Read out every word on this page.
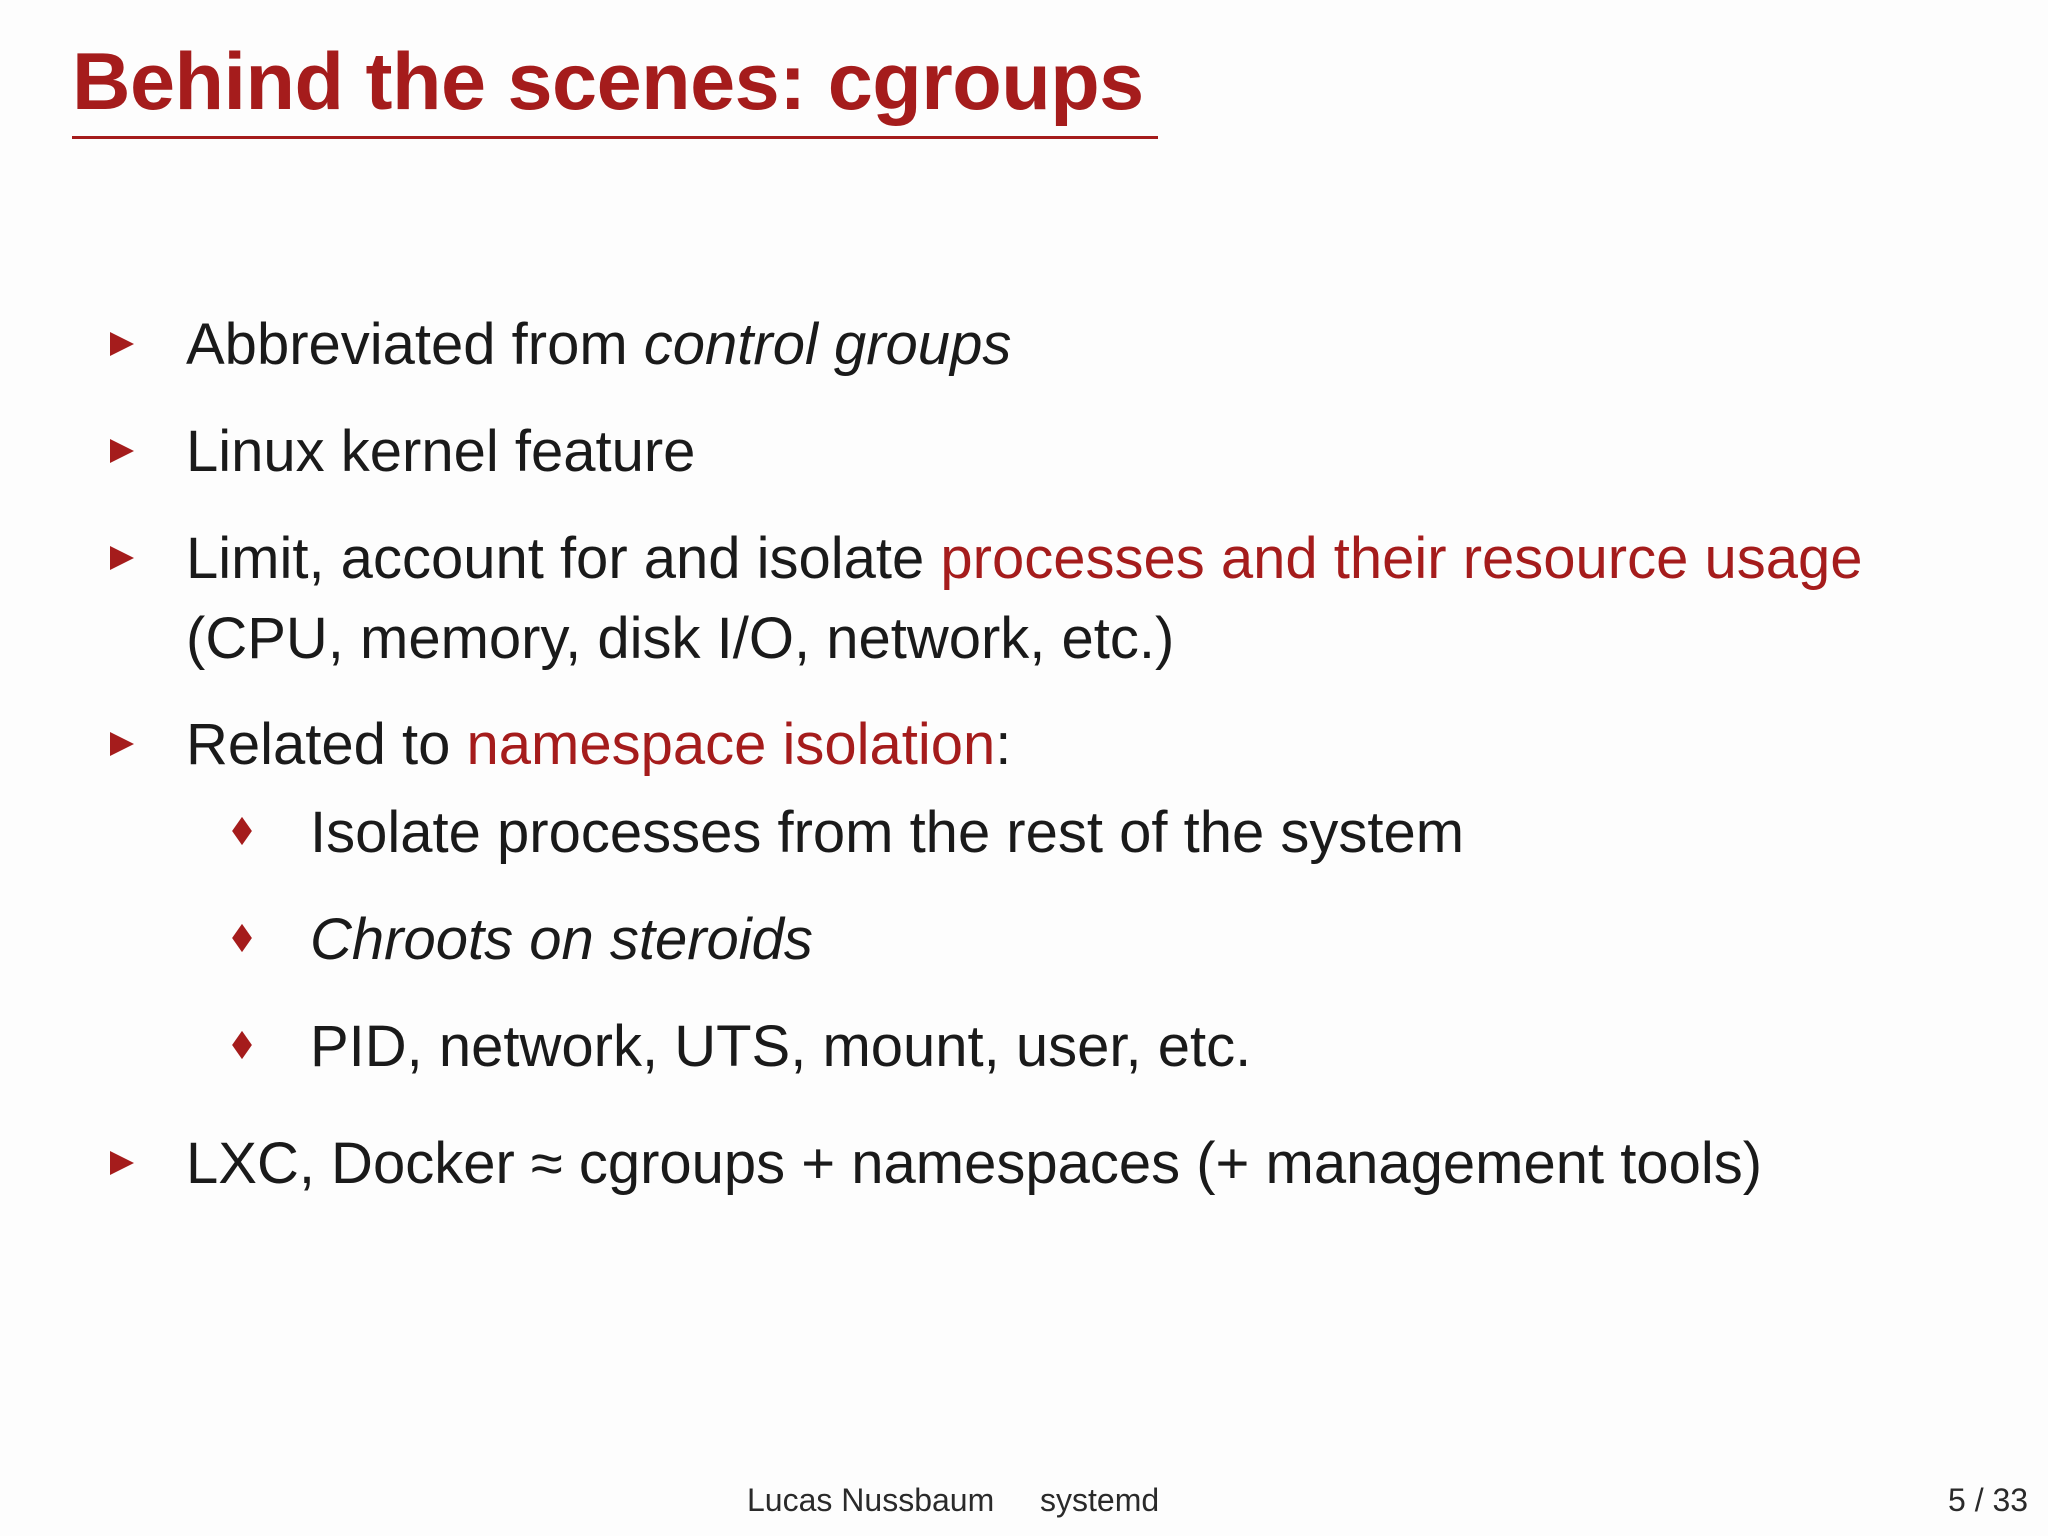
Behind the scenes: cgroups
Abbreviated from control groups
Linux kernel feature
Limit, account for and isolate processes and their resource usage
(CPU, memory, disk I/O, network, etc.)
Related to namespace isolation:
Isolate processes from the rest of the system
Chroots on steroids
PID, network, UTS, mount, user, etc.
LXC, Docker ≈ cgroups + namespaces (+ management tools)
Lucas Nussbaum systemd	5 / 33
